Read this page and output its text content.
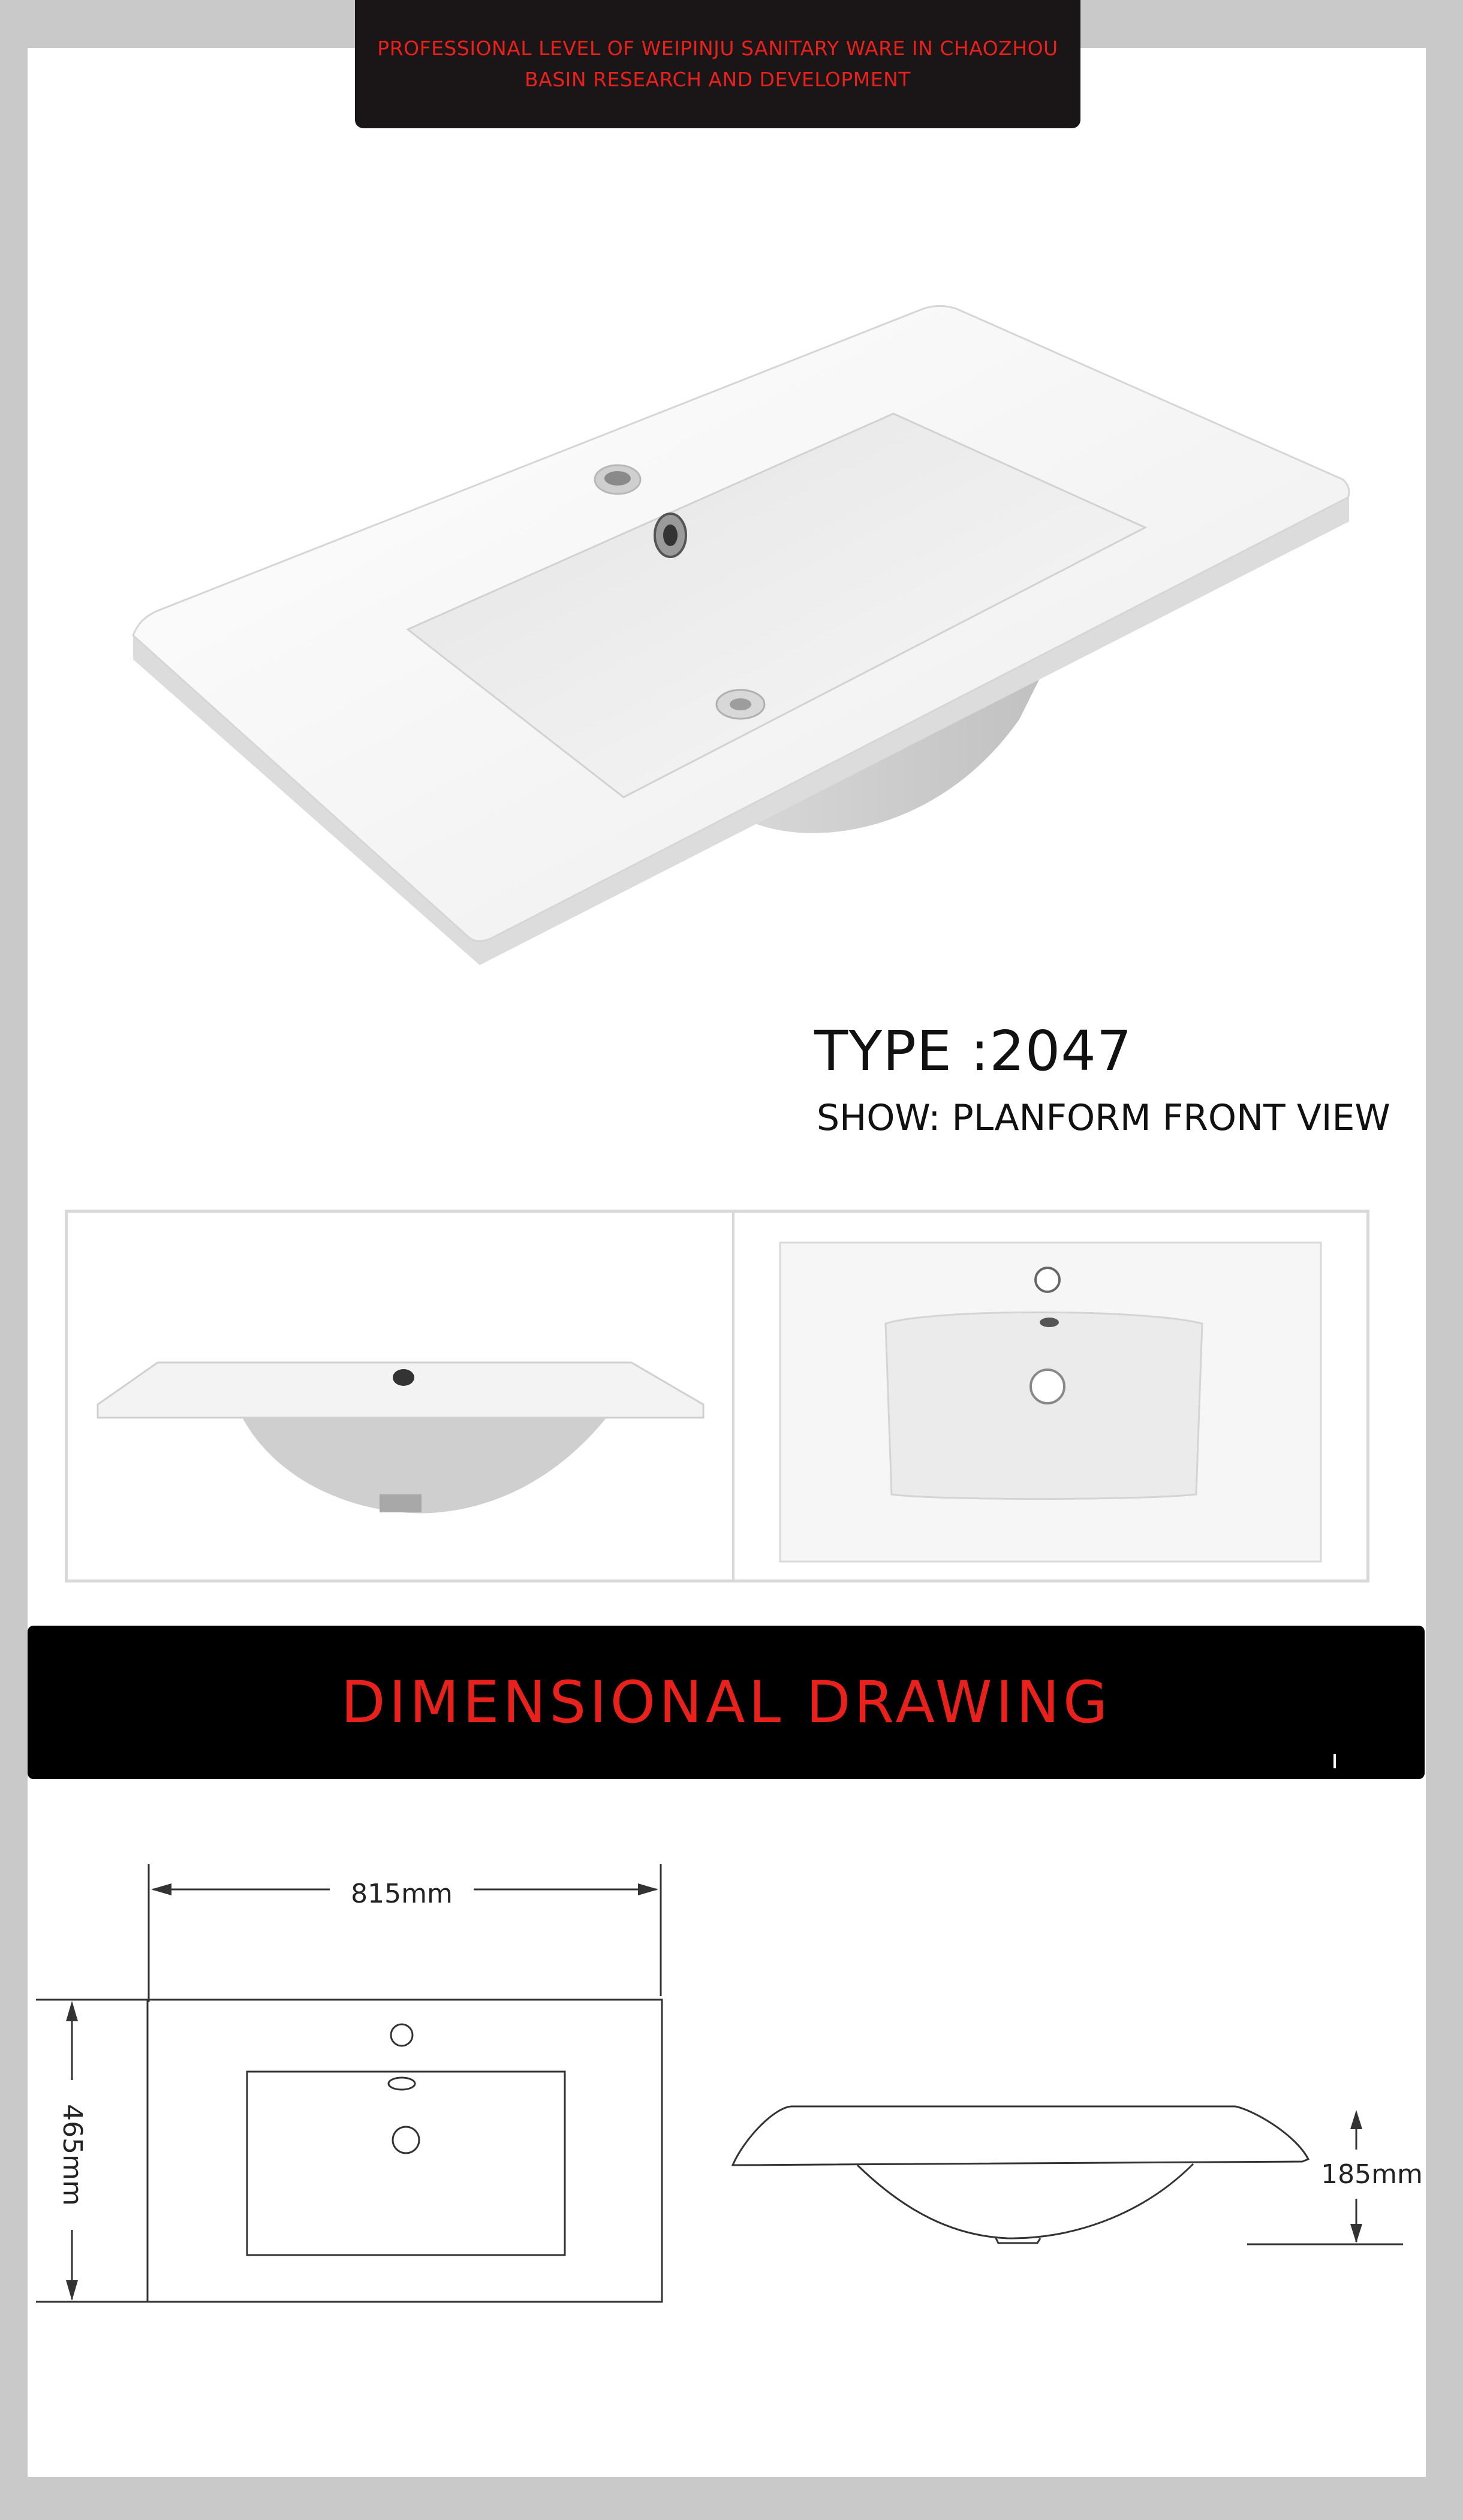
PROFESSIONAL LEVEL OF WEIPINJU SANITARY WARE IN CHAOZHOU
BASIN RESEARCH AND DEVELOPMENT
TYPE :2047
SHOW: PLANFORM FRONT VIEW
DIMENSIONAL DRAWING
815mm
465mm	185mm
